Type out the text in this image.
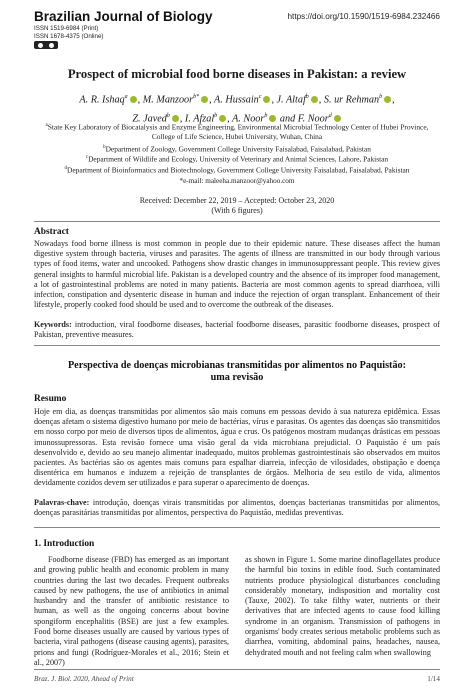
Brazilian Journal of Biology	https://doi.org/10.1590/1519-6984.232466
ISSN 1519-6984 (Print)
ISSN 1678-4375 (Online)
Prospect of microbial food borne diseases in Pakistan: a review
A. R. Ishaq$^a$ , M. Manzoor$^{b*}$ , A. Hussain$^c$ , J. Altaf$^b$ , S. ur Rehman$^b$ ,
Z. Javed$^b$ , I. Afzal$^b$ , A. Noor$^b$ and F. Noor$^d$
$^a$State Key Laboratory of Biocatalysis and Enzyme Engineering, Environmental Microbial Technology Center of Hubei Province, College of Life Science, Hubei University, Wuhan, China
$^b$Department of Zoology, Government College University Faisalabad, Faisalabad, Pakistan
$^c$Department of Wildlife and Ecology, University of Veterinary and Animal Sciences, Lahore, Pakistan
$^d$Department of Bioinformatics and Biotechnology, Government College University Faisalabad, Faisalabad, Pakistan
*e-mail: maleeha.manzoor@yahoo.com
Received: December 22, 2019 – Accepted: October 23, 2020
(With 6 figures)
Abstract
Nowadays food borne illness is most common in people due to their epidemic nature. These diseases affect the human digestive system through bacteria, viruses and parasites. The agents of illness are transmitted in our body through various types of food items, water and uncooked. Pathogens show drastic changes in immunosuppressant people. This review gives general insights to harmful microbial life. Pakistan is a developed country and the absence of its improper food management, a lot of gastrointestinal problems are noted in many patients. Bacteria are most common agents to spread diarrhoea, villi infection, constipation and dysenteric disease in human and induce the rejection of organ transplant. Enhancement of their lifestyle, properly cooked food should be used and to overcome the outbreak of the diseases.
Keywords: introduction, viral foodborne diseases, bacterial foodborne diseases, parasitic foodborne diseases, prospect of Pakistan, preventive measures.
Perspectiva de doenças microbianas transmitidas por alimentos no Paquistão: uma revisão
Resumo
Hoje em dia, as doenças transmitidas por alimentos são mais comuns em pessoas devido à sua natureza epidêmica. Essas doenças afetam o sistema digestivo humano por meio de bactérias, vírus e parasitas. Os agentes das doenças são transmitidos em nosso corpo por meio de diversos tipos de alimentos, água e crus. Os patógenos mostram mudanças drásticas em pessoas imunossupressoras. Esta revisão fornece uma visão geral da vida microbiana prejudicial. O Paquistão é um país desenvolvido e, devido ao seu manejo alimentar inadequado, muitos problemas gastrointestinais são observados em muitos pacientes. As bactérias são os agentes mais comuns para espalhar diarreia, infecção de vilosidades, obstipação e doença disentérica em humanos e induzem a rejeição de transplantes de órgãos. Melhoria de seu estilo de vida, alimentos devidamente cozidos devem ser utilizados e para superar o aparecimento de doenças.
Palavras-chave: introdução, doenças virais transmitidas por alimentos, doenças bacterianas transmitidas por alimentos, doenças parasitárias transmitidas por alimentos, perspectiva do Paquistão, medidas preventivas.
1. Introduction
Foodborne disease (FBD) has emerged as an important and growing public health and economic problem in many countries during the last two decades. Frequent outbreaks caused by new pathogens, the use of antibiotics in animal husbandry and the transfer of antibiotic resistance to human, as well as the ongoing concerns about bovine spongiform encephalitis (BSE) are just a few examples. Food borne diseases usually are caused by various types of bacteria, viral pathogens (disease causing agents), parasites, prions and fungi (Rodríguez-Morales et al., 2016; Stein et al., 2007)
as shown in Figure 1. Some marine dinoflagellates produce the harmful bio toxins in edible food. Such contaminated nutrients produce physiological disturbances concluding considerably monetary, indisposition and mortality cost (Tauxe, 2002). To take filthy water, nutrients or their derivatives that are infected agents to cause food killing syndrome in an organism. Transmission of pathogens in organisms' body creates serious metabolic problems such as diarrhea, vomiting, abdominal pains, headaches, nausea, dehydrated mouth and not feeling calm when swallowing
Braz. J. Biol. 2020, Ahead of Print	1/14
